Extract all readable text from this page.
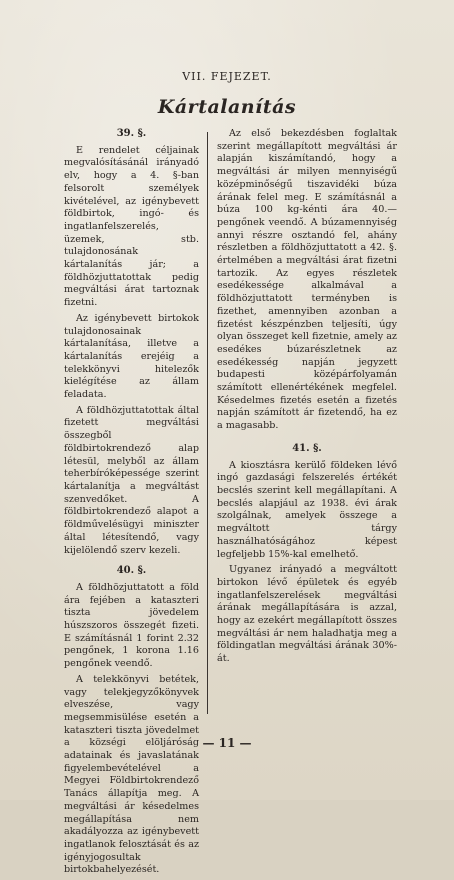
VII. FEJEZET.
Kártalanítás
39. §.

E rendelet céljainak megvalósításánál irányadó elv, hogy a 4. §-ban felsorolt személyek kivételével, az igénybevett földbirtok, ingó- és ingatlanfelszerelés, üzemek, stb. tulajdonosának kártalanítás jár; a földhözjuttatottak pedig megváltási árat tartoznak fizetni.

Az igénybevett birtokok tulajdonosainak kártalanítása, illetve a kártalanítás erejéig a telekkönyvi hitelezők kielégítése az állam feladata.

A földhözjuttatottak által fizetett megváltási összegből földbirtokrendező alap létesül, melyből az állam teherbíróképessége szerint kártalanítja a megváltást szenvedőket. A földbirtokrendező alapot a földművelésügyi miniszter által létesítendő, vagy kijelölendő szerv kezeli.

40. §.

A földhözjuttatott a föld ára fejében a kataszteri tiszta jövedelem húszszoros összegét fizeti. E számításnál 1 forint 2.32 pengőnek, 1 korona 1.16 pengőnek veendő.

A telekkönyvi betétek, vagy telekjegyzőkönyvek elveszése, vagy megsemmisülése esetén a kataszteri tiszta jövedelmet a községi elöljáróság adatainak és javaslatának figyelembevételével a Megyei Földbirtokrendező Tanács állapítja meg. A megváltási ár késedelmes megállapítása nem akadályozza az igénybevett ingatlanok felosztását és az igényjogosultak birtokbahelyezését.

Az első bekezdésben foglaltak szerint megállapított megváltási ár alapján kiszámítandó, hogy a megváltási ár milyen mennyiségű középminőségű tiszavidéki búza árának felel meg. E számításnál a búza 100 kg-kénti ára 40.— pengőnek veendő. A búzamennyiség annyi részre osztandó fel, ahány részletben a földhözjuttatott a 42. §. értelmében a megváltási árat fizetni tartozik. Az egyes részletek esedékessége alkalmával a földhözjuttatott terményben is fizethet, amennyiben azonban a fizetést készpénzben teljesíti, úgy olyan összeget kell fizetnie, amely az esedékes búzarészletnek az esedékesség napján jegyzett budapesti középárfolyamán számított ellenértékének megfelel. Késedelmes fizetés esetén a fizetés napján számított ár fizetendő, ha ez a magasabb.

41. §.

A kiosztásra kerülő földeken lévő ingó gazdasági felszerelés értékét becslés szerint kell megállapítani. A becslés alapjául az 1938. évi árak szolgálnak, amelyek összege a megváltott tárgy használhatóságához képest legfeljebb 15%-kal emelhető.

Ugyanez irányadó a megváltott birtokon lévő épületek és egyéb ingatlanfelszerelések megváltási árának megállapítására is azzal, hogy az ezekért megállapított összes megváltási ár nem haladhatja meg a földingatlan megváltási árának 30%-át.

— 11 —
